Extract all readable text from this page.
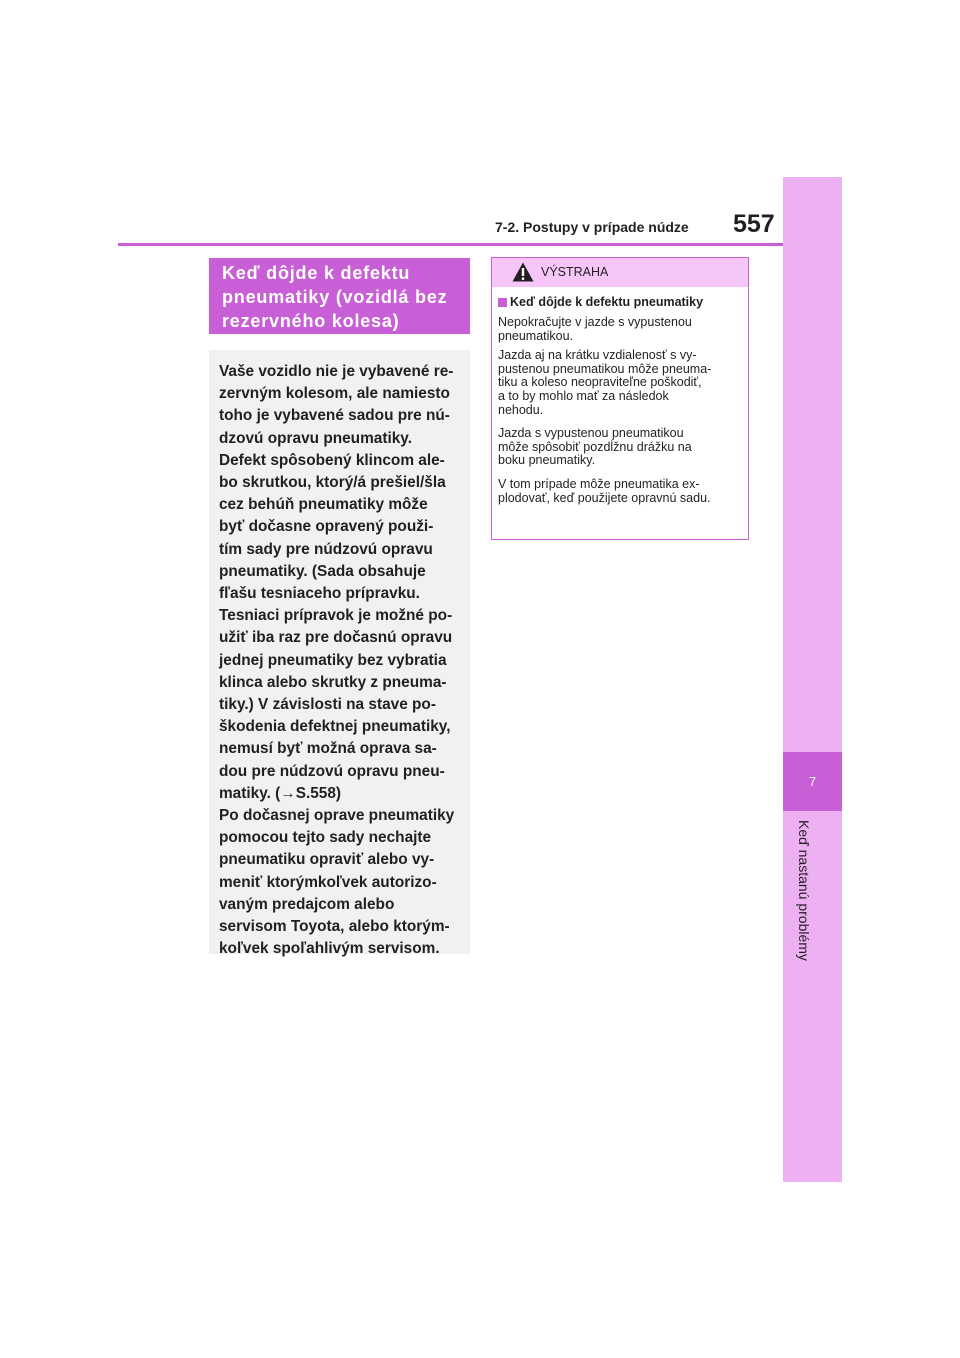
7
Keď nastanú problémy
7-2. Postupy v prípade núdze 557
Keď dôjde k defektu pneumatiky (vozidlá bez rezervného kolesa)

Vaše vozidlo nie je vybavené re-
zervným kolesom, ale namiesto
toho je vybavené sadou pre nú-
dzovú opravu pneumatiky.
Defekt spôsobený klincom ale-
bo skrutkou, ktorý/á prešiel/šla
cez behúň pneumatiky môže
byť dočasne opravený použi-
tím sady pre núdzovú opravu
pneumatiky. (Sada obsahuje
fľašu tesniaceho prípravku.
Tesniaci prípravok je možné po-
užiť iba raz pre dočasnú opravu
jednej pneumatiky bez vybratia
klinca alebo skrutky z pneuma-
tiky.) V závislosti na stave po-
škodenia defektnej pneumatiky,
nemusí byť možná oprava sa-
dou pre núdzovú opravu pneu-
matiky. (→S.558)
Po dočasnej oprave pneumatiky
pomocou tejto sady nechajte
pneumatiku opraviť alebo vy-
meniť ktorýmkoľvek autorizo-
vaným predajcom alebo
servisom Toyota, alebo ktorým-
koľvek spoľahlivým servisom.

VÝSTRAHA
Keď dôjde k defektu pneumatiky

Nepokračujte v jazde s vypustenou
pneumatikou.

Jazda aj na krátku vzdialenosť s vy-
pustenou pneumatikou môže pneuma-
tiku a koleso neopraviteľne poškodiť,
a to by mohlo mať za následok
nehodu.

Jazda s vypustenou pneumatikou
môže spôsobiť pozdĺžnu drážku na
boku pneumatiky.

V tom prípade môže pneumatika ex-
plodovať, keď použijete opravnú sadu.
